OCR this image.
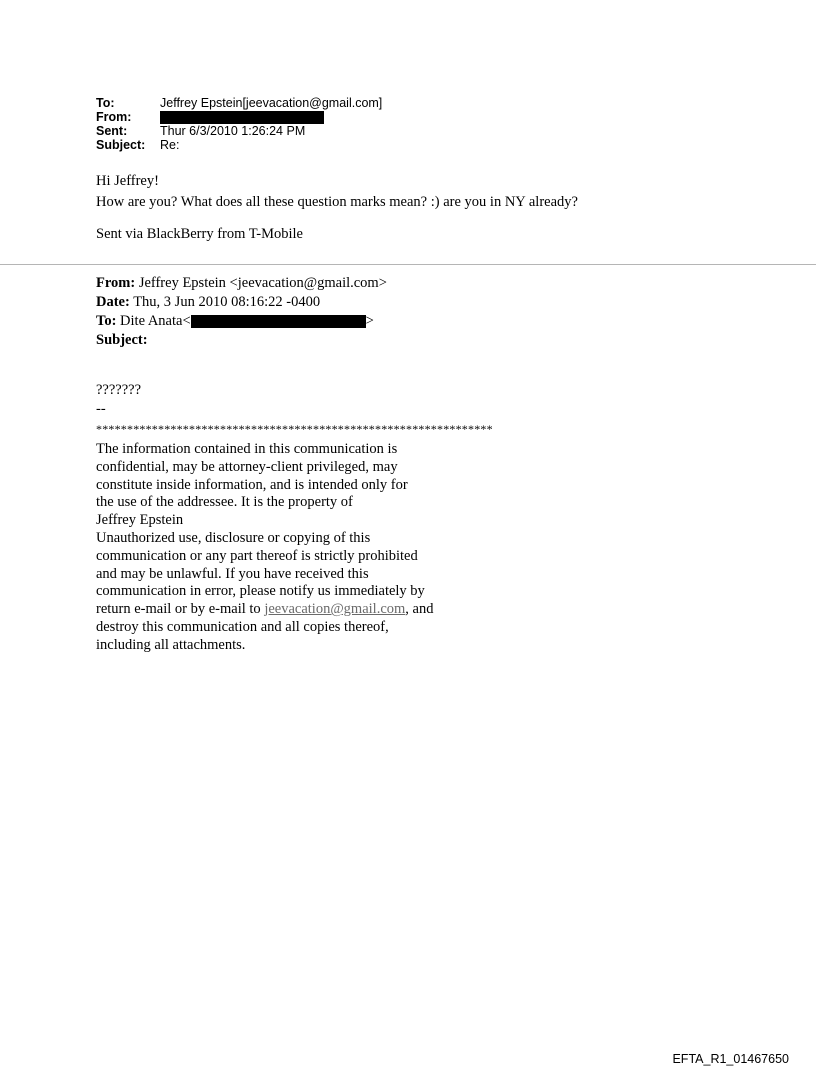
To:	Jeffrey Epstein[jeevacation@gmail.com]
From:
Sent:	Thur 6/3/2010 1:26:24 PM
Subject: Re:

Hi Jeffrey!

How are you? What does all these question marks mean? :) are you in NY already?

Sent via BlackBerry from T-Mobile
From: Jeffrey Epstein <jeevacation@gmail.com>
Date: Thu, 3 Jun 2010 08:16:22 -0400
To: Dite Anata<	>
Subject:
???????
--
****************************************************************
The information contained in this communication is
confidential, may be attorney-client privileged, may
constitute inside information, and is intended only for
the use of the addressee. It is the property of
Jeffrey Epstein
Unauthorized use, disclosure or copying of this
communication or any part thereof is strictly prohibited
and may be unlawful. If you have received this
communication in error, please notify us immediately by
return e-mail or by e-mail to jeevacation@gmail.com, and
destroy this communication and all copies thereof,
including all attachments.
EFTA_R1_01467650
